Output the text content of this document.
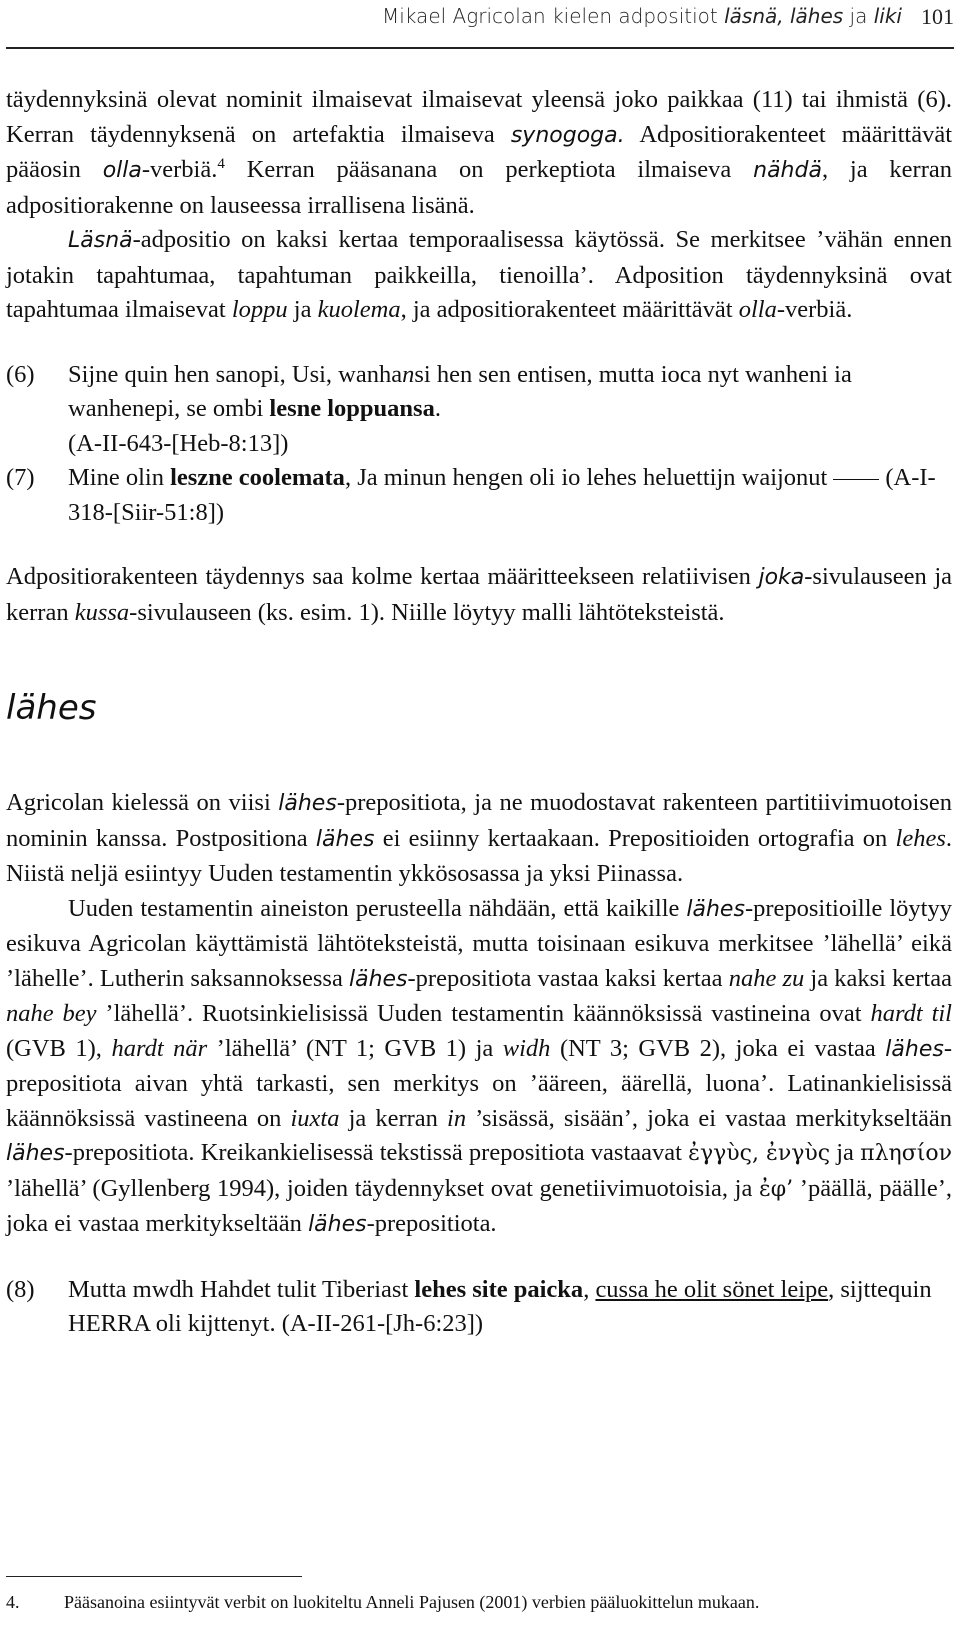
Mikael Agricolan kielen adpositiot läsnä, lähes ja liki 101

täydennyksinä olevat nominit ilmaisevat ilmaisevat yleensä joko paikkaa (11) tai ihmistä (6). Kerran täydennyksenä on artefaktia ilmaiseva synogoga. Adpositiorakenteet määrittävät pääosin olla-verbiä.$^4$ Kerran pääsanana on perkeptiota ilmaiseva nähdä, ja kerran adpositiorakenne on lauseessa irrallisena lisänä.

Läsnä-adpositio on kaksi kertaa temporaalisessa käytössä. Se merkitsee ’vähän ennen jotakin tapahtumaa, tapahtuman paikkeilla, tienoilla’. Adposition täydennyksinä ovat tapahtumaa ilmaisevat loppu ja kuolema, ja adpositiorakenteet määrittävät olla-verbiä.

(6) Sijne quin hen sanopi, Usi, wanhansi hen sen entisen, mutta ioca nyt wanheni ia wanhenepi, se ombi lesne loppuansa.
(A-II-643-[Heb-8:13])
(7) Mine olin leszne coolemata, Ja minun hengen oli io lehes heluettijn waijonut (A-I-318-[Siir-51:8])

Adpositiorakenteen täydennys saa kolme kertaa määritteekseen relatiivisen joka-sivulauseen ja kerran kussa-sivulauseen (ks. esim. 1). Niille löytyy malli lähtöteksteistä.

lähes

Agricolan kielessä on viisi lähes-prepositiota, ja ne muodostavat rakenteen partitiivimuotoisen nominin kanssa. Postpositiona lähes ei esiinny kertaakaan. Prepositioiden ortografia on lehes. Niistä neljä esiintyy Uuden testamentin ykkösosassa ja yksi Piinassa.

Uuden testamentin aineiston perusteella nähdään, että kaikille lähes-prepositioille löytyy esikuva Agricolan käyttämistä lähtöteksteistä, mutta toisinaan esikuva merkitsee ’lähellä’ eikä ’lähelle’. Lutherin saksannoksessa lähes-prepositiota vastaa kaksi kertaa nahe zu ja kaksi kertaa nahe bey ’lähellä’. Ruotsinkielisissä Uuden testamentin käännöksissä vastineina ovat hardt til (GVB 1), hardt när ’lähellä’ (NT 1; GVB 1) ja widh (NT 3; GVB 2), joka ei vastaa lähes-prepositiota aivan yhtä tarkasti, sen merkitys on ’ääreen, äärellä, luona’. Latinankielisissä käännöksissä vastineena on iuxta ja kerran in ’sisässä, sisään’, joka ei vastaa merkitykseltään lähes-prepositiota. Kreikankielisessä tekstissä prepositiota vastaavat ἐγγὺς, ἐνγὺς ja πλησίον ’lähellä’ (Gyllenberg 1994), joiden täydennykset ovat genetiivimuotoisia, ja ἐφ’ ’päällä, päälle’, joka ei vastaa merkitykseltään lähes-prepositiota.

(8) Mutta mwdh Hahdet tulit Tiberiast lehes site paicka, cussa he olit sönet leipe, sijttequin HERRA oli kijttenyt. (A-II-261-[Jh-6:23])
4. Pääsanoina esiintyvät verbit on luokiteltu Anneli Pajusen (2001) verbien pääluokittelun mukaan.
